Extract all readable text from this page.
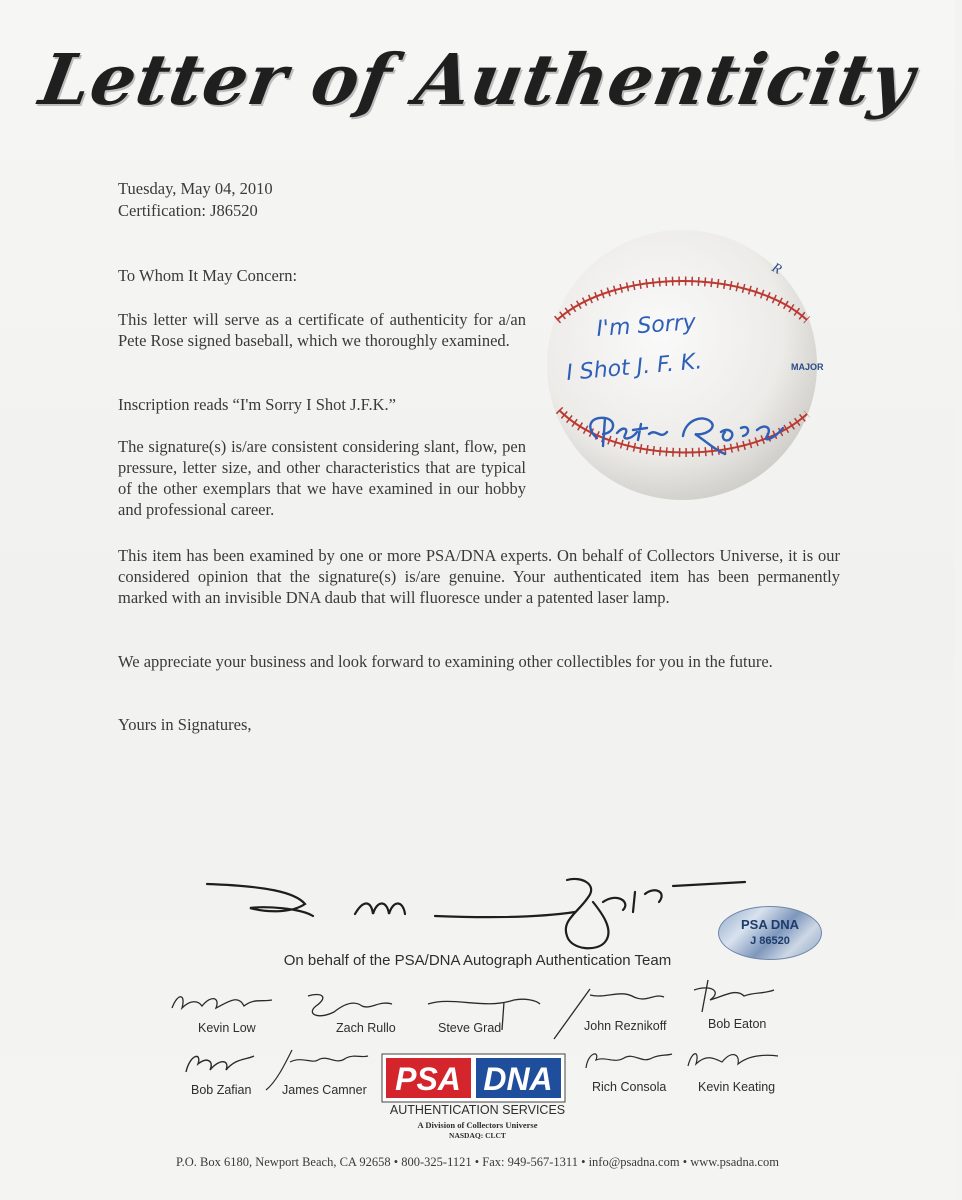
Letter of Authenticity
Tuesday, May 04, 2010
Certification: J86520
To Whom It May Concern:
This letter will serve as a certificate of authenticity for a/an Pete Rose signed baseball, which we thoroughly examined.
Inscription reads “I'm Sorry I Shot J.F.K.”
The signature(s) is/are consistent considering slant, flow, pen pressure, letter size, and other characteristics that are typical of the other exemplars that we have examined in our hobby and professional career.
This item has been examined by one or more PSA/DNA experts. On behalf of Collectors Universe, it is our considered opinion that the signature(s) is/are genuine. Your authenticated item has been permanently marked with an invisible DNA daub that will fluoresce under a patented laser lamp.
We appreciate your business and look forward to examining other collectibles for you in the future.
Yours in Signatures,
I'm Sorry
I Shot J. F. K.	MAJOR
R
PSA DNA
J 86520
On behalf of the PSA/DNA Autograph Authentication Team
Kevin Low	Zach Rullo	Steve Grad	John Reznikoff	Bob Eaton
Bob Zafian James Camner	Rich Consola	Kevin Keating
PSA DNA
AUTHENTICATION SERVICES
A Division of Collectors Universe
NASDAQ: CLCT
P.O. Box 6180, Newport Beach, CA 92658 • 800-325-1121 • Fax: 949-567-1311 • info@psadna.com • www.psadna.com
